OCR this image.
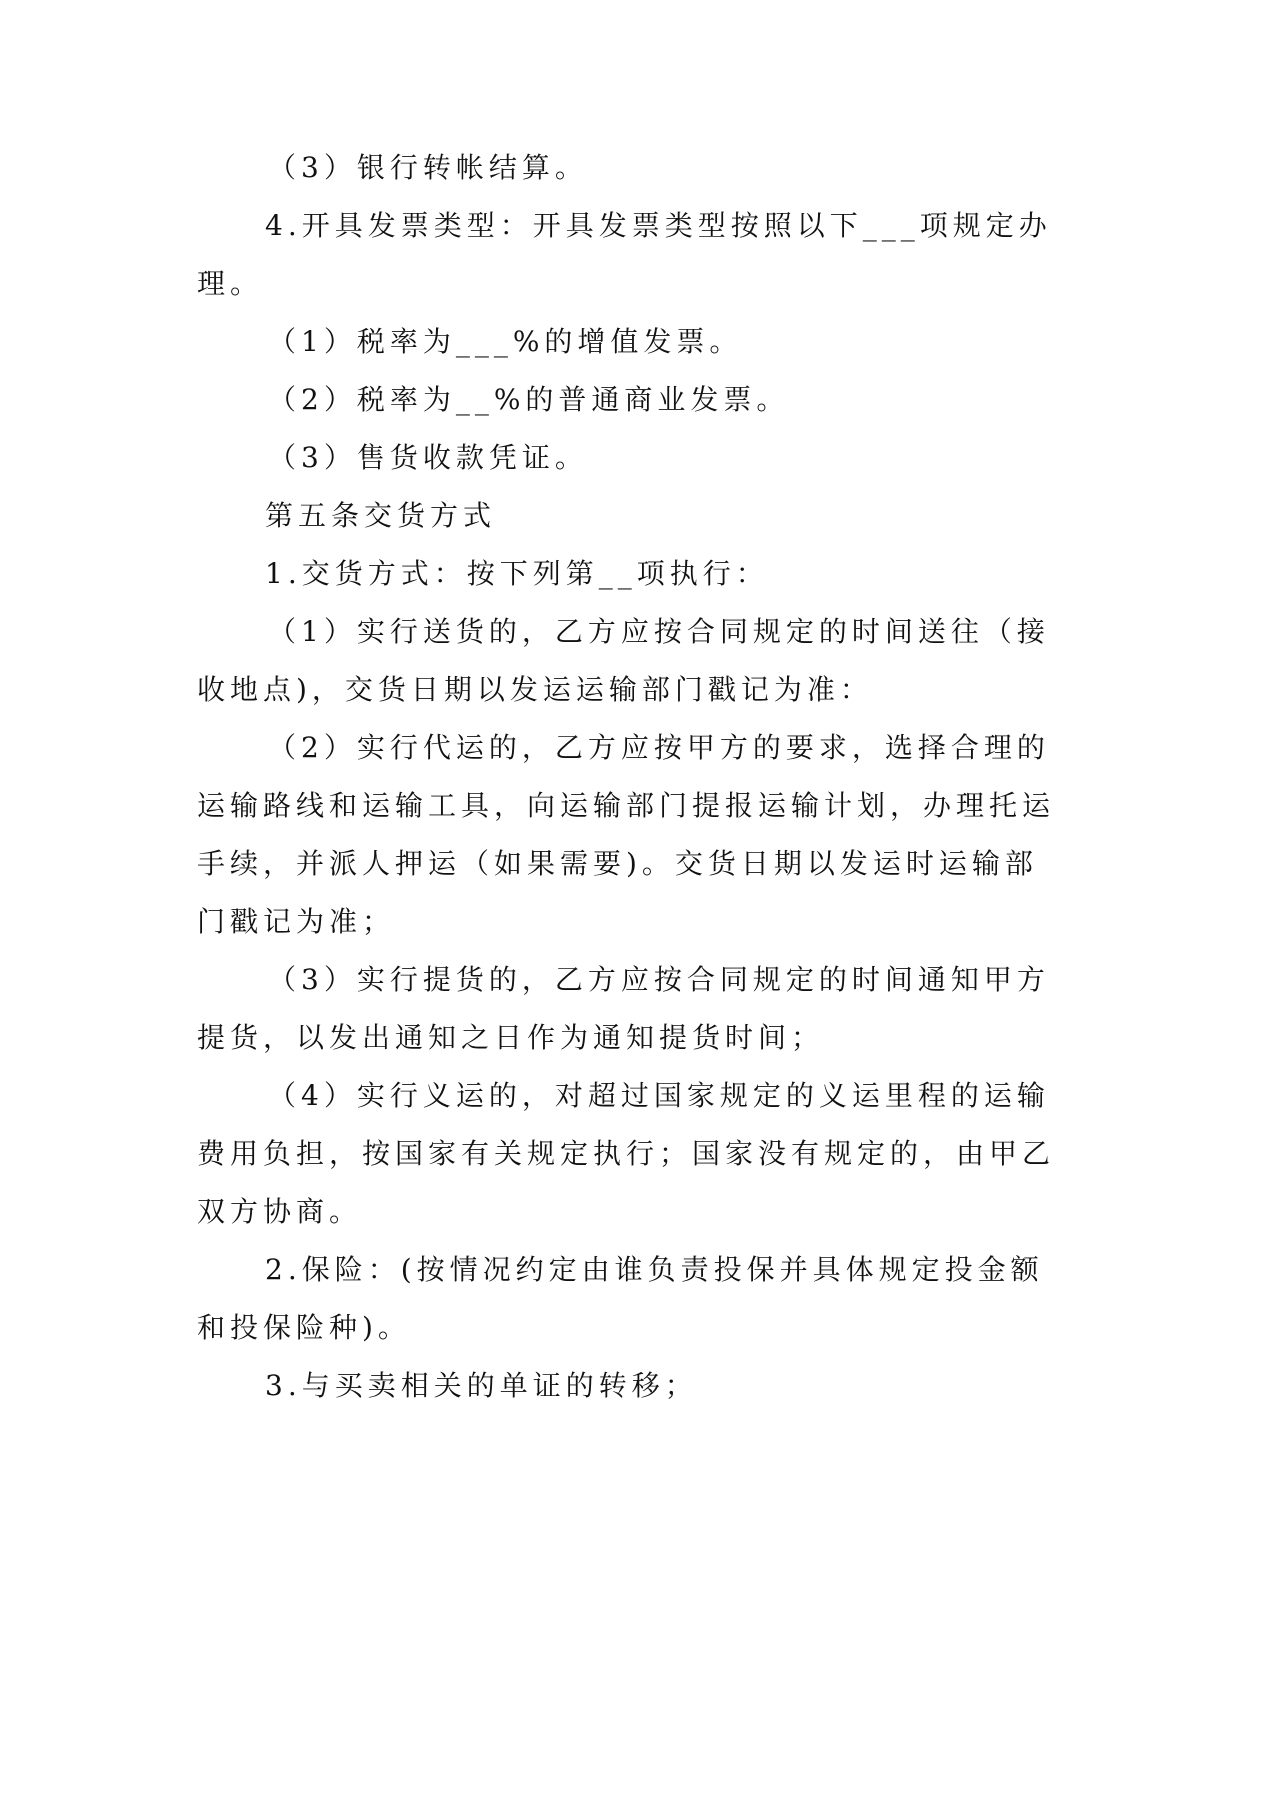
（3）银行转帐结算。
4.开具发票类型：开具发票类型按照以下___项规定办
理。
（1）税率为___%的增值发票。
（2）税率为__%的普通商业发票。
（3）售货收款凭证。
第五条交货方式
1.交货方式：按下列第__项执行：
（1）实行送货的，乙方应按合同规定的时间送往（接
收地点)，交货日期以发运运输部门戳记为准：
（2）实行代运的，乙方应按甲方的要求，选择合理的
运输路线和运输工具，向运输部门提报运输计划，办理托运
手续，并派人押运（如果需要)。交货日期以发运时运输部
门戳记为准；
（3）实行提货的，乙方应按合同规定的时间通知甲方
提货，以发出通知之日作为通知提货时间；
（4）实行义运的，对超过国家规定的义运里程的运输
费用负担，按国家有关规定执行；国家没有规定的，由甲乙
双方协商。
2.保险：(按情况约定由谁负责投保并具体规定投金额
和投保险种)。
3.与买卖相关的单证的转移；
